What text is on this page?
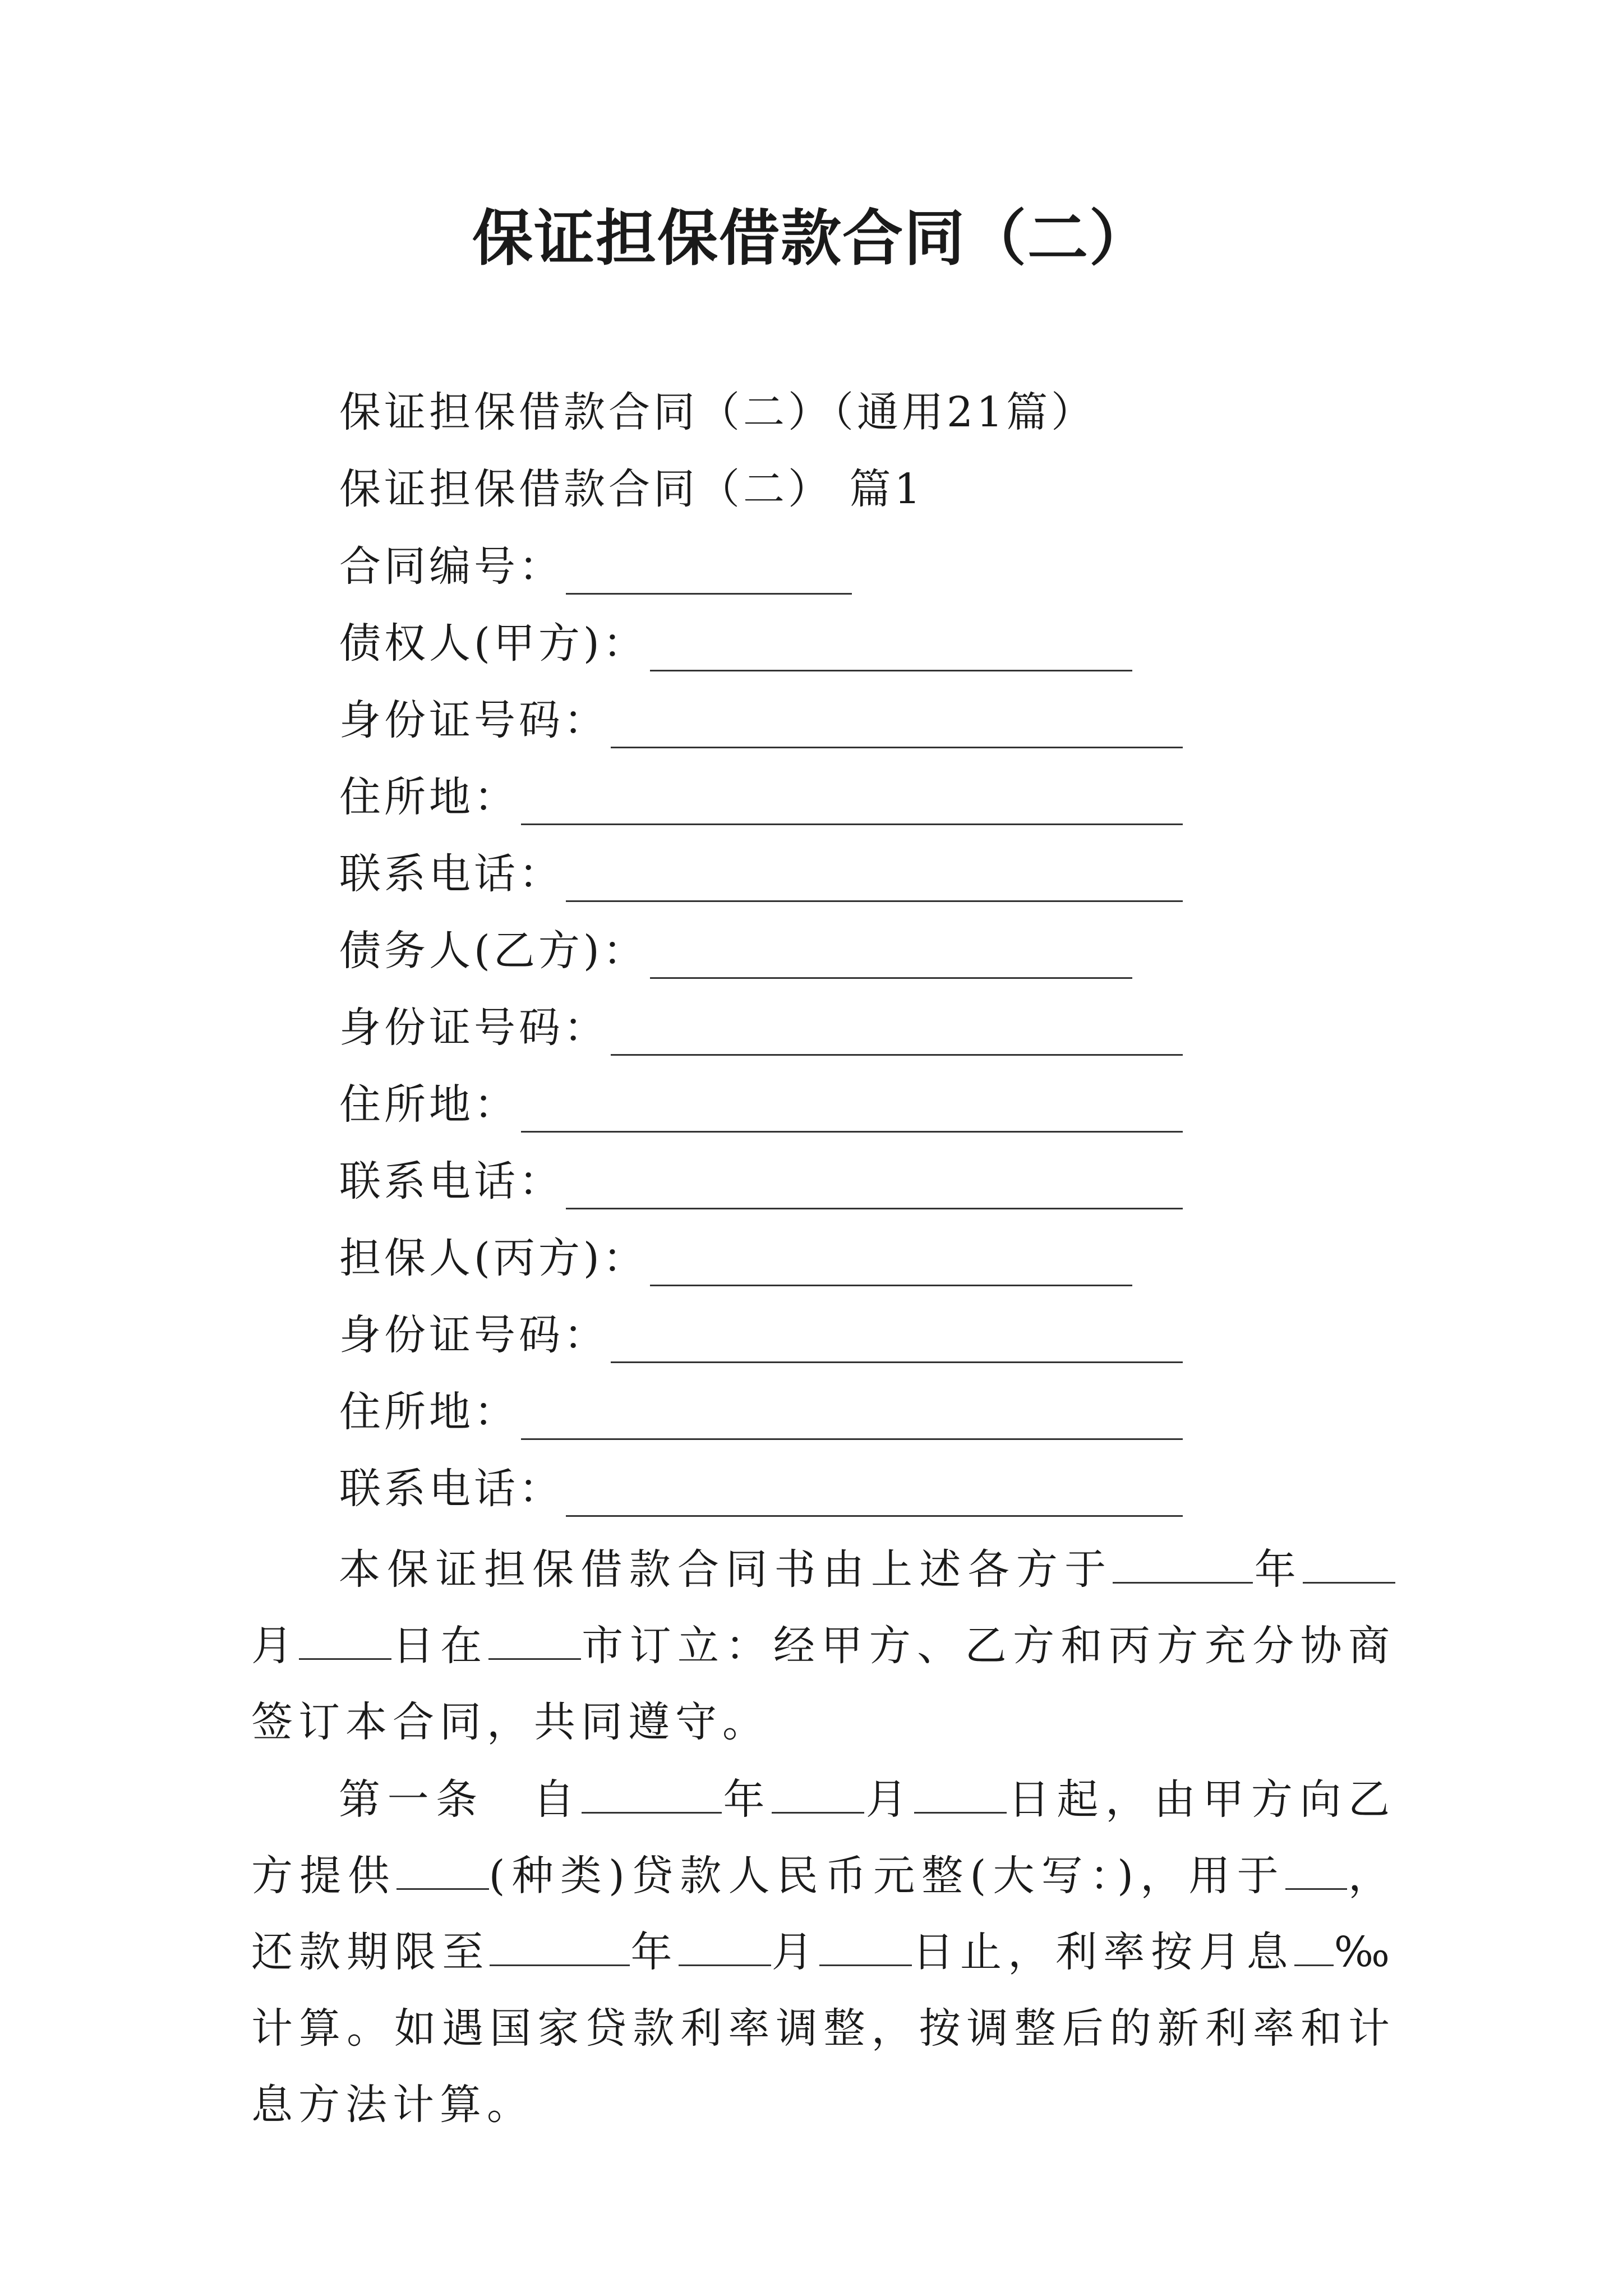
保证担保借款合同（二）
保证担保借款合同（二）（通用21篇）
保证担保借款合同（二） 篇1
合同编号：
债权人(甲方)：
身份证号码：
住所地：
联系电话：
债务人(乙方)：
身份证号码：
住所地：
联系电话：
担保人(丙方)：
身份证号码：
住所地：
联系电话：
本保证担保借款合同书由上述各方于	年月 日在 市订立：经甲方、乙方和丙方充分协商签订本合同，共同遵守。
第一条　自	年 月 日起，由甲方向乙方提供 (种类)贷款人民币元整(大写：)，用于 ，还款期限至	年 月 日止，利率按月息 ‰计算。如遇国家贷款利率调整，按调整后的新利率和计息方法计算。
